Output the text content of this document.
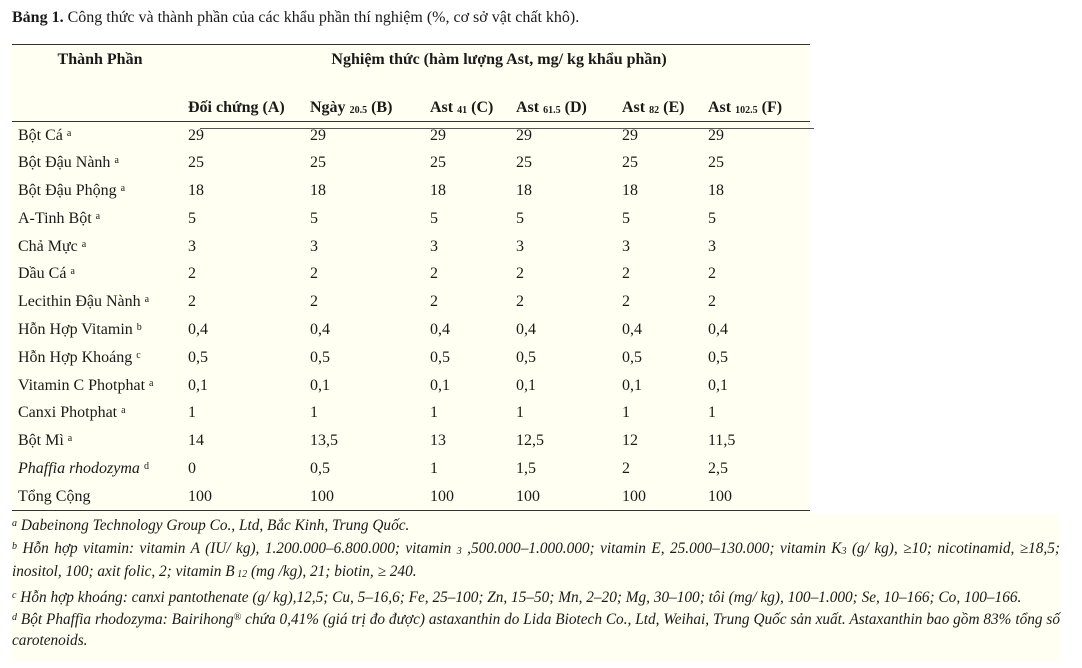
Bảng 1. Công thức và thành phần của các khẩu phần thí nghiệm (%, cơ sở vật chất khô).
Thành Phần	Nghiệm thức (hàm lượng Ast, mg/ kg khẩu phần)					
	Đối chứng (A)	Ngày $_{20.5}$ (B)	Ast $_{41}$ (C)	Ast $_{61.5}$ (D)	Ast $_{82}$ (E)	Ast $_{102.5}$ (F)
Bột Cá $^a$	29	29	29	29	29	29
Bột Đậu Nành $^a$	25	25	25	25	25	25
Bột Đậu Phộng $^a$	18	18	18	18	18	18
A-Tinh Bột $^a$	5	5	5	5	5	5
Chả Mực $^a$	3	3	3	3	3	3
Dầu Cá $^a$	2	2	2	2	2	2
Lecithin Đậu Nành $^a$	2	2	2	2	2	2
Hỗn Hợp Vitamin $^b$	0,4	0,4	0,4	0,4	0,4	0,4
Hỗn Hợp Khoáng $^c$	0,5	0,5	0,5	0,5	0,5	0,5
Vitamin C Photphat $^a$	0,1	0,1	0,1	0,1	0,1	0,1
Canxi Photphat $^a$	1	1	1	1	1	1
Bột Mì $^a$	14	13,5	13	12,5	12	11,5
Phaffia rhodozyma $^d$	0	0,5	1	1,5	2	2,5
Tổng Cộng	100	100	100	100	100	100
$^a$ Dabeinong Technology Group Co., Ltd, Bắc Kinh, Trung Quốc.
$^b$ Hỗn hợp vitamin: vitamin A (IU/ kg), 1.200.000–6.800.000; vitamin $_3$ ,500.000–1.000.000; vitamin E, 25.000–130.000; vitamin $K_3$ (g/ kg), ≥10; nicotinamid, ≥18,5; inositol, 100; axit folic, 2; vitamin B $_{12}$ (mg /kg), 21; biotin, ≥ 240.
$^c$ Hỗn hợp khoáng: canxi pantothenate (g/ kg),12,5; Cu, 5–16,6; Fe, 25–100; Zn, 15–50; Mn, 2–20; Mg, 30–100; tôi (mg/ kg), 100–1.000; Se, 10–166; Co, 100–166.
$^d$ Bột Phaffia rhodozyma: Bairihong® chứa 0,41% (giá trị đo được) astaxanthin do Lida Biotech Co., Ltd, Weihai, Trung Quốc sản xuất. Astaxanthin bao gồm 83% tổng số carotenoids.
